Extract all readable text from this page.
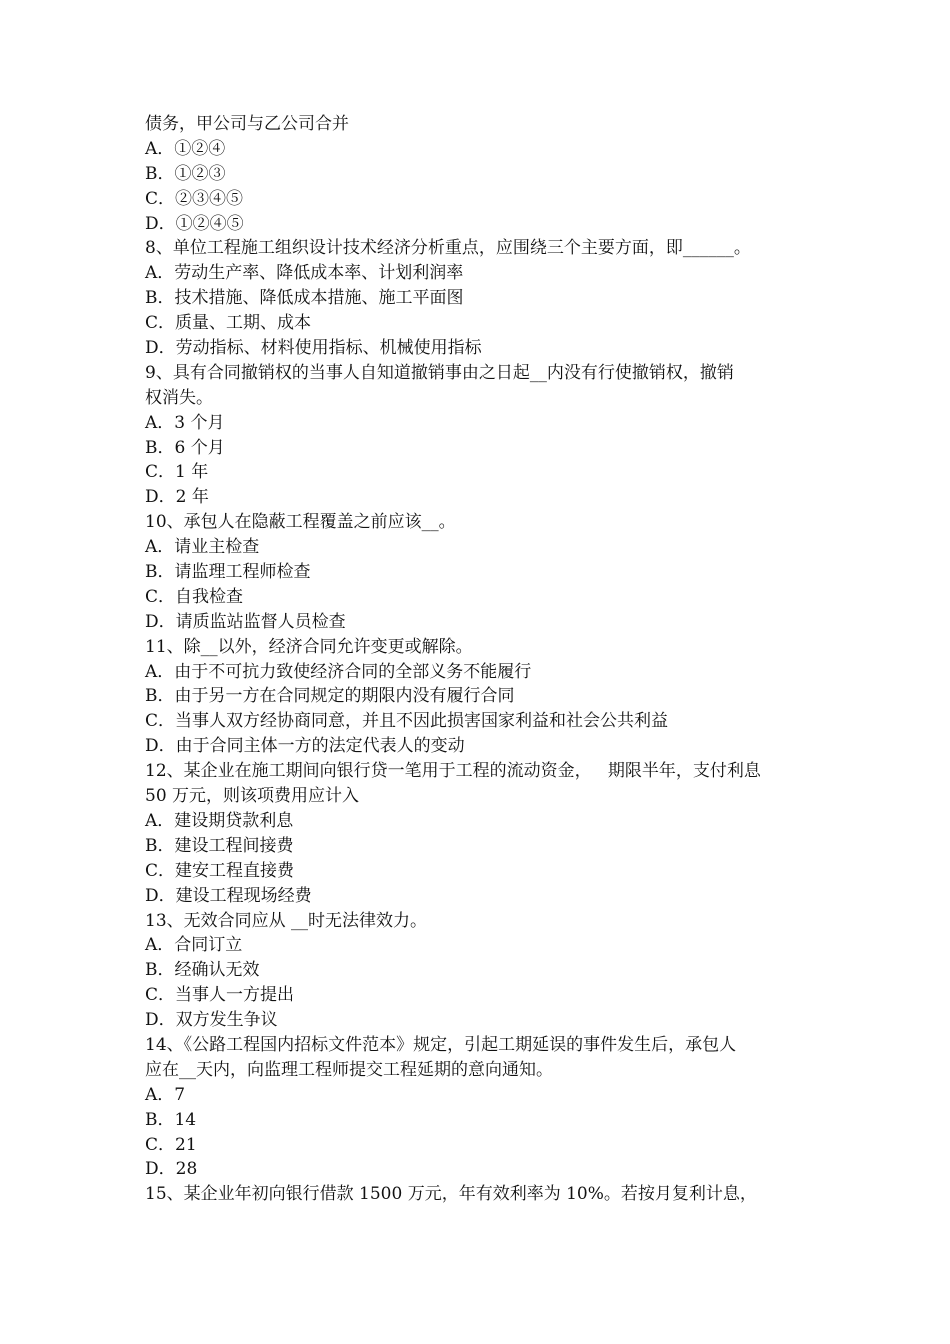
债务，甲公司与乙公司合并
A．①②④
B．①②③
C．②③④⑤
D．①②④⑤
8、单位工程施工组织设计技术经济分析重点，应围绕三个主要方面，即______。
A．劳动生产率、降低成本率、计划利润率
B．技术措施、降低成本措施、施工平面图
C．质量、工期、成本
D．劳动指标、材料使用指标、机械使用指标
9、具有合同撤销权的当事人自知道撤销事由之日起__内没有行使撤销权，撤销
权消失。
A．3 个月
B．6 个月
C．1 年
D．2 年
10、承包人在隐蔽工程覆盖之前应该__。
A．请业主检查
B．请监理工程师检查
C．自我检查
D．请质监站监督人员检查
11、除__以外，经济合同允许变更或解除。
A．由于不可抗力致使经济合同的全部义务不能履行
B．由于另一方在合同规定的期限内没有履行合同
C．当事人双方经协商同意，并且不因此损害国家利益和社会公共利益
D．由于合同主体一方的法定代表人的变动
12、某企业在施工期间向银行贷一笔用于工程的流动资金，   期限半年，支付利息
50 万元，则该项费用应计入
A．建设期贷款利息
B．建设工程间接费
C．建安工程直接费
D．建设工程现场经费
13、无效合同应从 __时无法律效力。
A．合同订立
B．经确认无效
C．当事人一方提出
D．双方发生争议
14、《公路工程国内招标文件范本》规定，引起工期延误的事件发生后，承包人
应在__天内，向监理工程师提交工程延期的意向通知。
A．7
B．14
C．21
D．28
15、某企业年初向银行借款 1500 万元，年有效利率为 10%。若按月复利计息，
